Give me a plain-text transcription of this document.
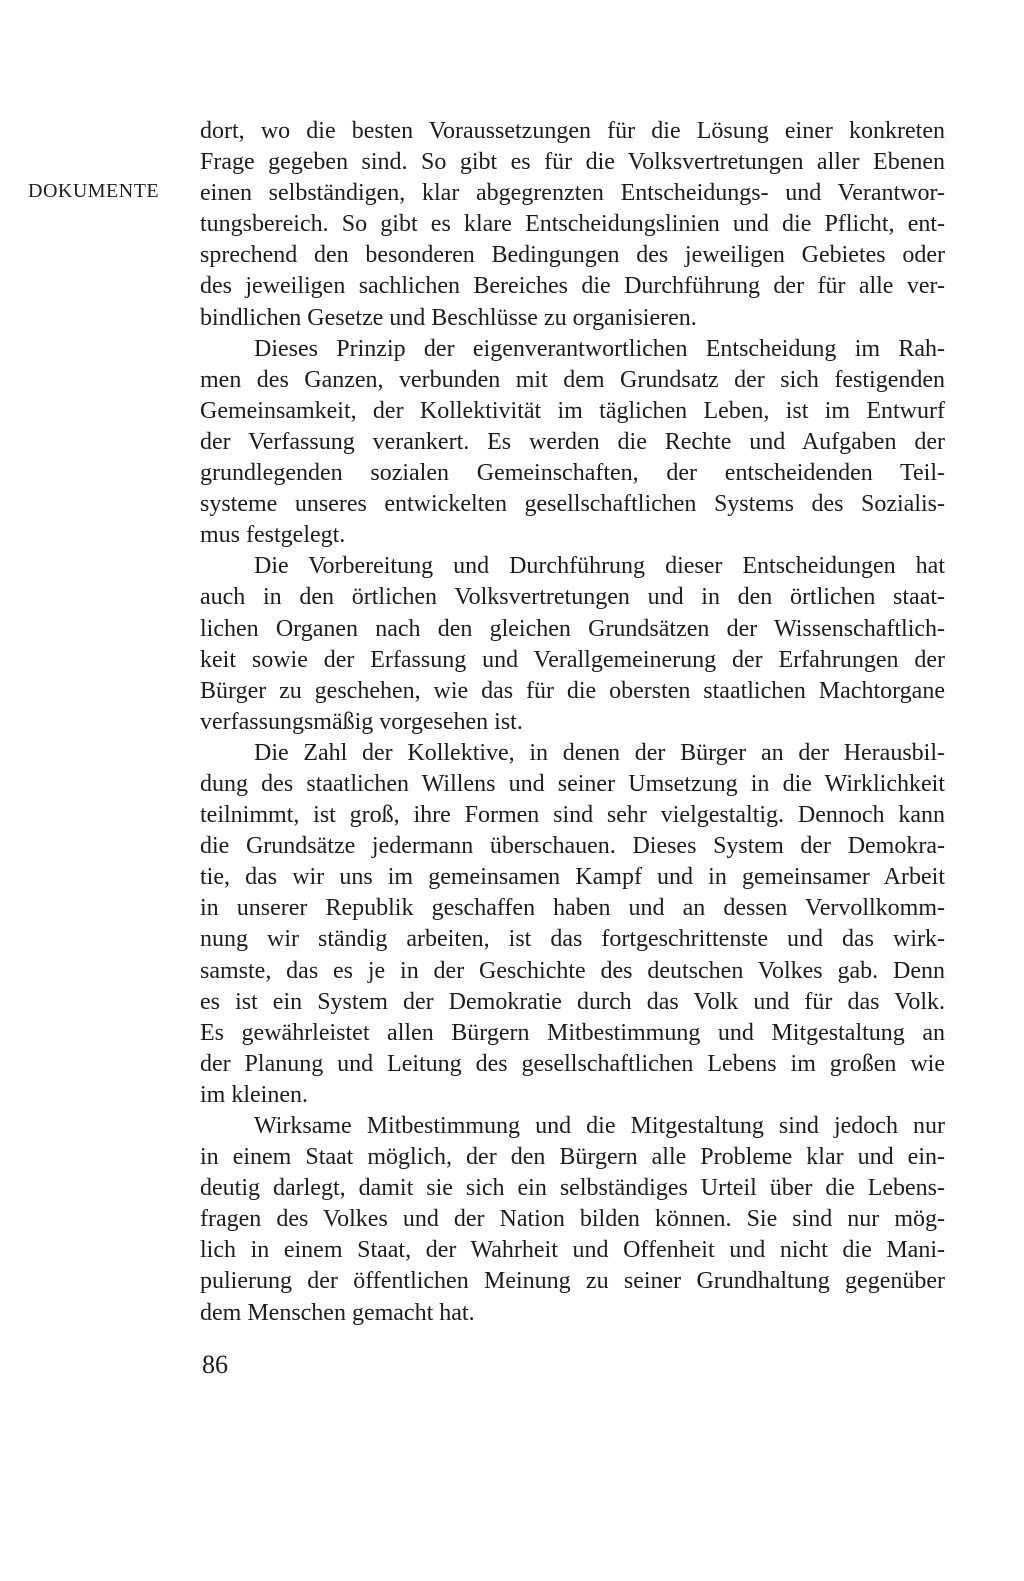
DOKUMENTE
dort, wo die besten Voraussetzungen für die Lösung einer konkreten
Frage gegeben sind. So gibt es für die Volksvertretungen aller Ebenen
einen selbständigen, klar abgegrenzten Entscheidungs- und Verantwor-
tungsbereich. So gibt es klare Entscheidungslinien und die Pflicht, ent-
sprechend den besonderen Bedingungen des jeweiligen Gebietes oder
des jeweiligen sachlichen Bereiches die Durchführung der für alle ver-
bindlichen Gesetze und Beschlüsse zu organisieren.
Dieses Prinzip der eigenverantwortlichen Entscheidung im Rah-
men des Ganzen, verbunden mit dem Grundsatz der sich festigenden
Gemeinsamkeit, der Kollektivität im täglichen Leben, ist im Entwurf
der Verfassung verankert. Es werden die Rechte und Aufgaben der
grundlegenden sozialen Gemeinschaften, der entscheidenden Teil-
systeme unseres entwickelten gesellschaftlichen Systems des Sozialis-
mus festgelegt.
Die Vorbereitung und Durchführung dieser Entscheidungen hat
auch in den örtlichen Volksvertretungen und in den örtlichen staat-
lichen Organen nach den gleichen Grundsätzen der Wissenschaftlich-
keit sowie der Erfassung und Verallgemeinerung der Erfahrungen der
Bürger zu geschehen, wie das für die obersten staatlichen Machtorgane
verfassungsmäßig vorgesehen ist.
Die Zahl der Kollektive, in denen der Bürger an der Herausbil-
dung des staatlichen Willens und seiner Umsetzung in die Wirklichkeit
teilnimmt, ist groß, ihre Formen sind sehr vielgestaltig. Dennoch kann
die Grundsätze jedermann überschauen. Dieses System der Demokra-
tie, das wir uns im gemeinsamen Kampf und in gemeinsamer Arbeit
in unserer Republik geschaffen haben und an dessen Vervollkomm-
nung wir ständig arbeiten, ist das fortgeschrittenste und das wirk-
samste, das es je in der Geschichte des deutschen Volkes gab. Denn
es ist ein System der Demokratie durch das Volk und für das Volk.
Es gewährleistet allen Bürgern Mitbestimmung und Mitgestaltung an
der Planung und Leitung des gesellschaftlichen Lebens im großen wie
im kleinen.
Wirksame Mitbestimmung und die Mitgestaltung sind jedoch nur
in einem Staat möglich, der den Bürgern alle Probleme klar und ein-
deutig darlegt, damit sie sich ein selbständiges Urteil über die Lebens-
fragen des Volkes und der Nation bilden können. Sie sind nur mög-
lich in einem Staat, der Wahrheit und Offenheit und nicht die Mani-
pulierung der öffentlichen Meinung zu seiner Grundhaltung gegenüber
dem Menschen gemacht hat.
86
